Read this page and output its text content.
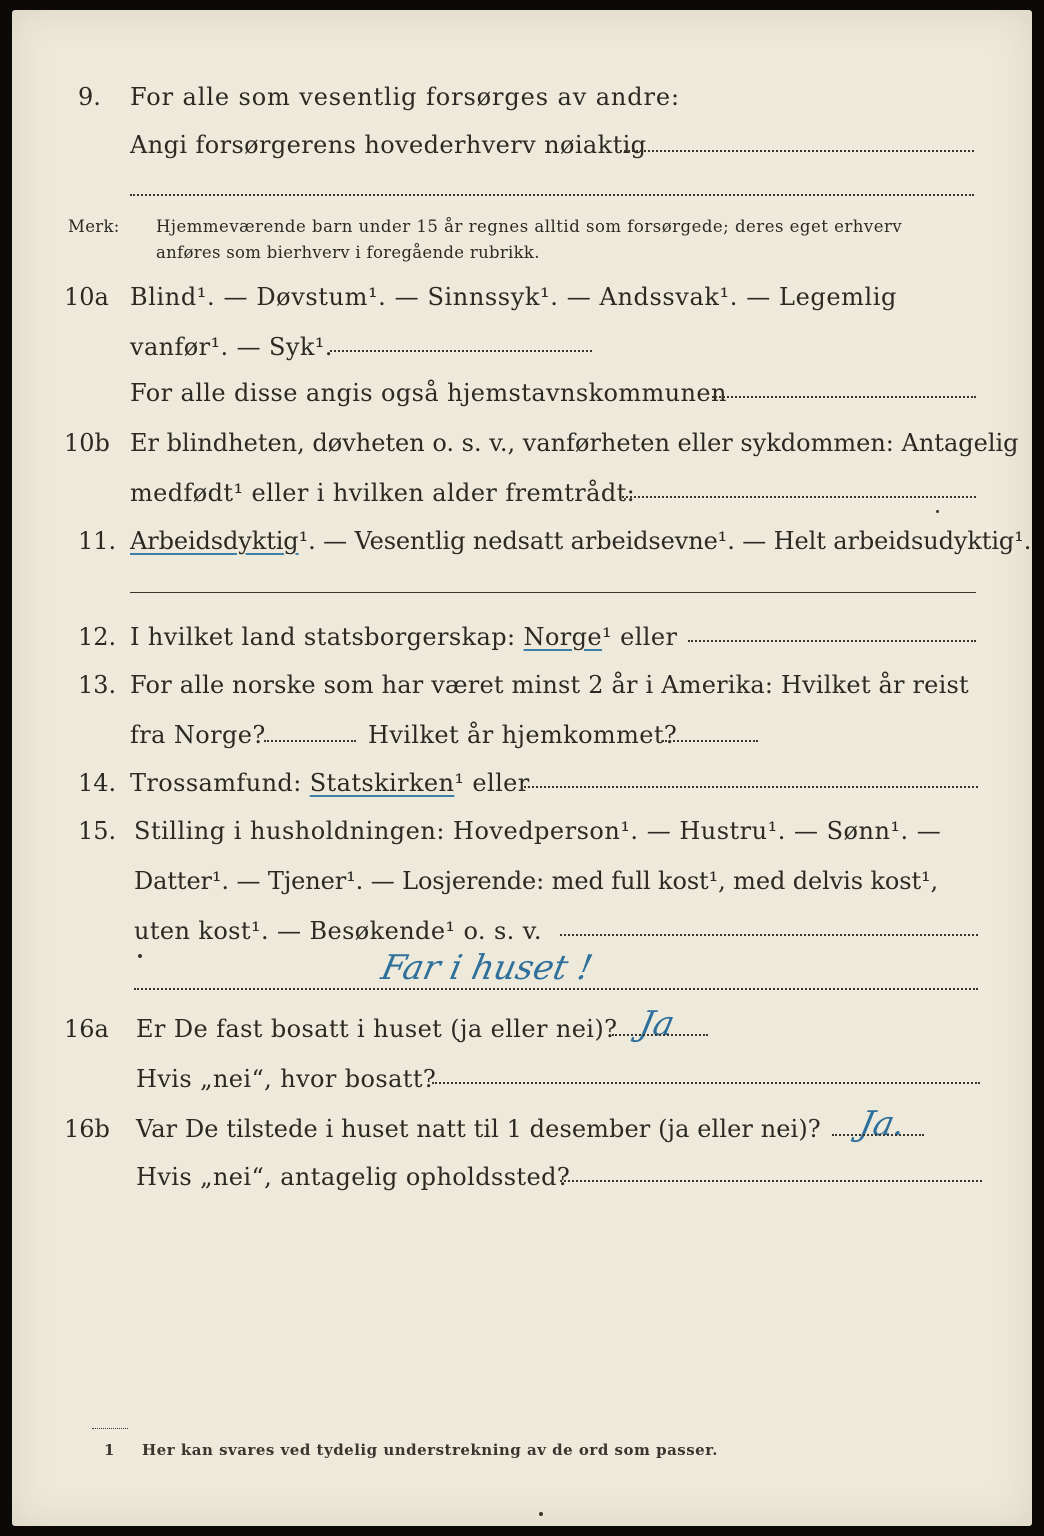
9. For alle som vesentlig forsørges av andre:
Angi forsørgerens hovederhverv nøiaktig
Merk: Hjemmeværende barn under 15 år regnes alltid som forsørgede; deres eget erhverv
anføres som bierhverv i foregående rubrikk.
10a Blind¹. — Døvstum¹. — Sinnssyk¹. — Andssvak¹. — Legemlig
vanfør¹. — Syk¹.
For alle disse angis også hjemstavnskommunen
10b Er blindheten, døvheten o. s. v., vanførheten eller sykdommen: Antagelig
medfødt¹ eller i hvilken alder fremtrådt:
11. Arbeidsdyktig¹. — Vesentlig nedsatt arbeidsevne¹. — Helt arbeidsudyktig¹.
12. I hvilket land statsborgerskap: Norge¹ eller
13. For alle norske som har været minst 2 år i Amerika: Hvilket år reist
fra Norge?	Hvilket år hjemkommet?
14. Trossamfund: Statskirken¹ eller
15. Stilling i husholdningen: Hovedperson¹. — Hustru¹. — Sønn¹. —
Datter¹. — Tjener¹. — Losjerende: med full kost¹, med delvis kost¹,
uten kost¹. — Besøkende¹ o. s. v.
Far i huset !
16a Er De fast bosatt i huset (ja eller nei)? Ja
Hvis „nei“, hvor bosatt?
16b Var De tilstede i huset natt til 1 desember (ja eller nei)? Ja.
Hvis „nei“, antagelig opholdssted?
1 Her kan svares ved tydelig understrekning av de ord som passer.
